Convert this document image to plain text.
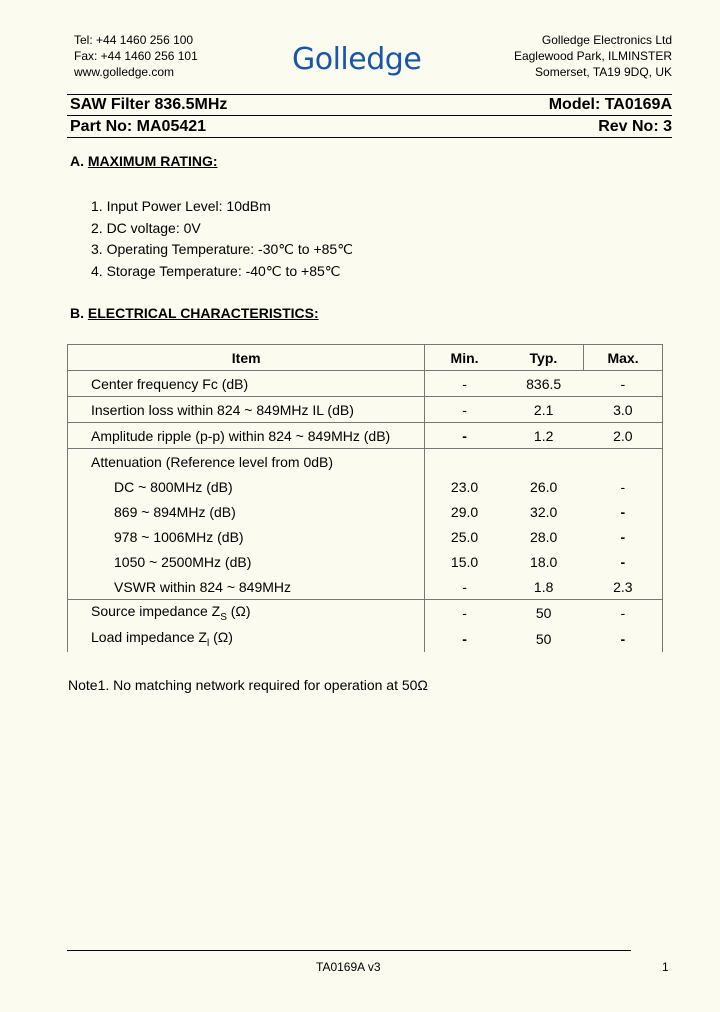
Tel: +44 1460 256 100
Fax: +44 1460 256 101
www.golledge.com	Golledge
Golledge Electronics Ltd
Eaglewood Park, ILMINSTER
Somerset, TA19 9DQ, UK
SAW Filter 836.5MHz	Model: TA0169A
Part No: MA05421	Rev No: 3
A. MAXIMUM RATING:
1. Input Power Level: 10dBm
2. DC voltage: 0V
3. Operating Temperature: -30℃ to +85℃
4. Storage Temperature: -40℃ to +85℃
B. ELECTRICAL CHARACTERISTICS:
Item	Min.	Typ.	Max.
Center frequency Fc (dB)	-	836.5	-
Insertion loss within 824 ~ 849MHz IL (dB)	-	2.1	3.0
Amplitude ripple (p-p) within 824 ~ 849MHz (dB)	-	1.2	2.0
Attenuation (Reference level from 0dB)			
DC ~ 800MHz (dB)	23.0	26.0	-
869 ~ 894MHz (dB)	29.0	32.0	-
978 ~ 1006MHz (dB)	25.0	28.0	-
1050 ~ 2500MHz (dB)	15.0	18.0	-
VSWR within 824 ~ 849MHz	-	1.8	2.3
Source impedance $Z_S$ (Ω)	-	50	-
Load impedance $Z_l$ (Ω)	-	50	-
Note1. No matching network required for operation at 50Ω
TA0169A v3	1
